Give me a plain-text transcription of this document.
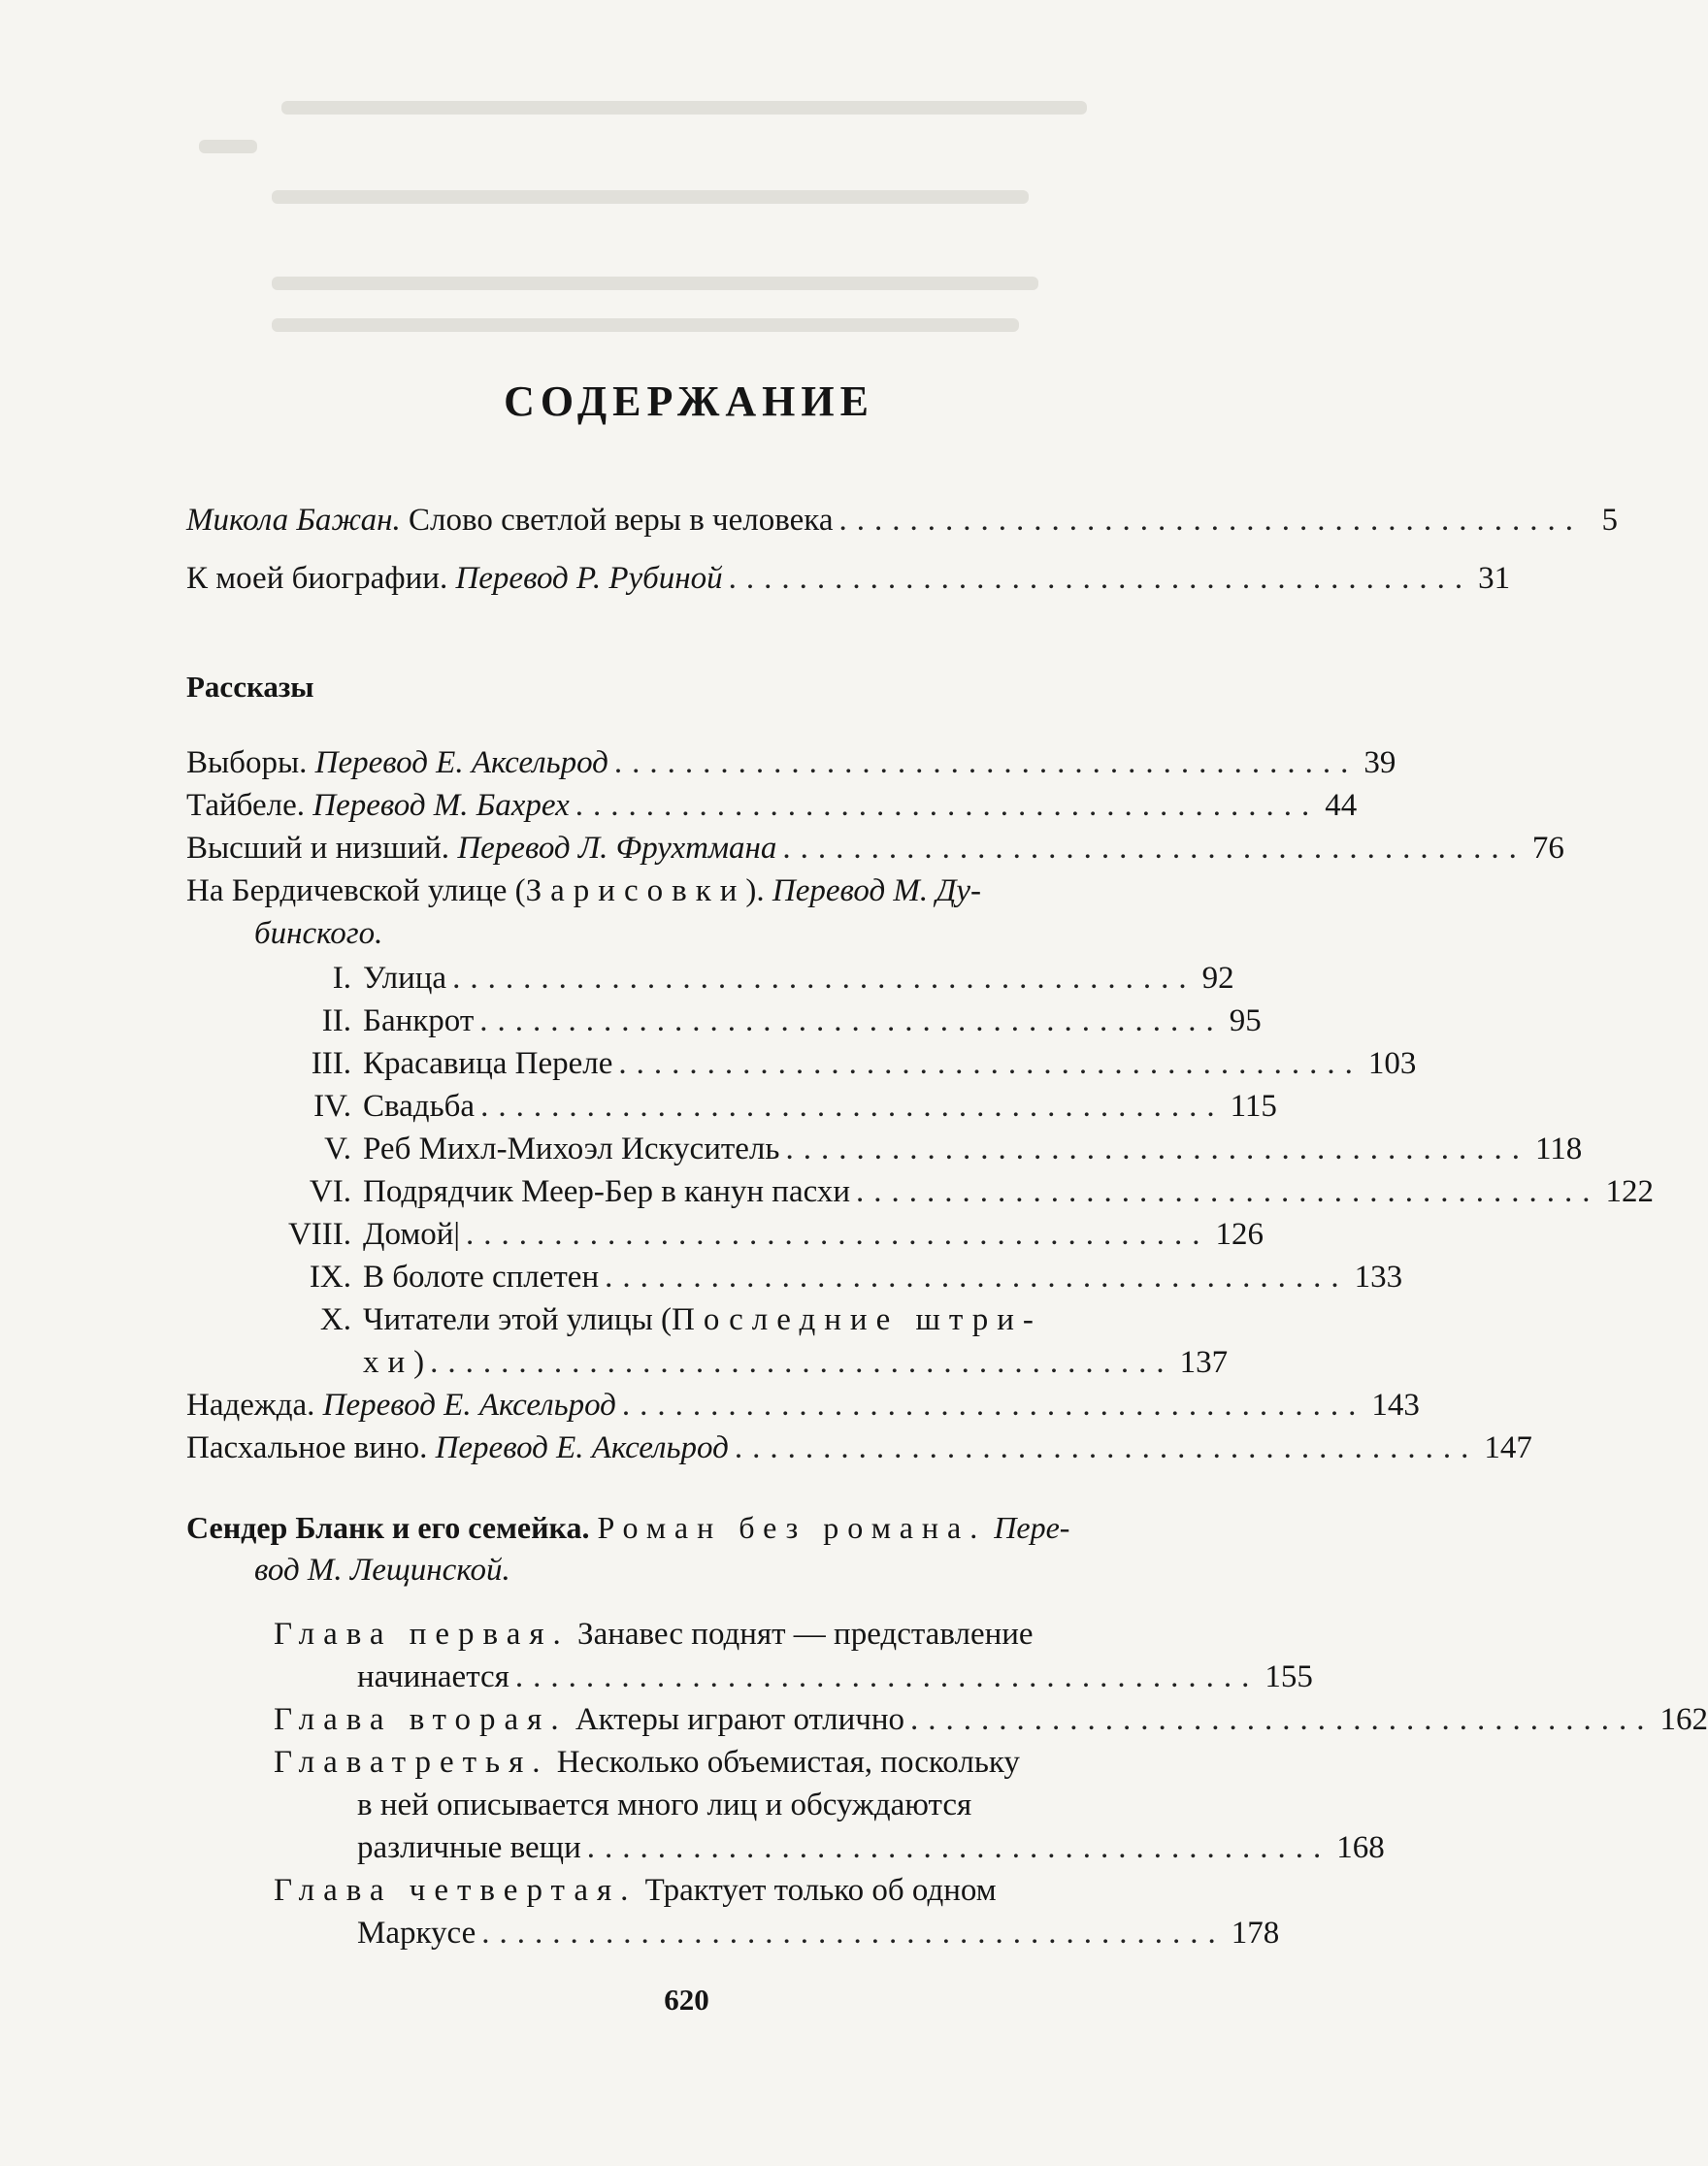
СОДЕРЖАНИЕ
Микола Бажан. Слово светлой веры в человека .......................................... 5
К моей биографии. Перевод Р. Рубиной .......................................... 31
Рассказы
Выборы. Перевод Е. Аксельрод .......................................... 39
Тайбеле. Перевод М. Бахрех .......................................... 44
Высший и низший. Перевод Л. Фрухтмана .......................................... 76
На Бердичевской улице (Зарисовки). Перевод М. Ду-
бинского.
I. Улица .......................................... 92
II. Банкрот .......................................... 95
III. Красавица Переле .......................................... 103
IV. Свадьба .......................................... 115
V. Реб Михл-Михоэл Искуситель .......................................... 118
VI. Подрядчик Меер-Бер в канун пасхи .......................................... 122
VIII. Домой| .......................................... 126
IX. В болоте сплетен .......................................... 133
X. Читатели этой улицы (Последние штри-
хи) .......................................... 137
Надежда. Перевод Е. Аксельрод .......................................... 143
Пасхальное вино. Перевод Е. Аксельрод .......................................... 147
Сендер Бланк и его семейка. Роман без романа. Пере-
вод М. Лещинской.
Глава первая. Занавес поднят — представление
начинается .......................................... 155
Глава вторая. Актеры играют отлично .......................................... 162
Главатретья. Несколько объемистая, поскольку
в ней описывается много лиц и обсуждаются
различные вещи .......................................... 168
Глава четвертая. Трактует только об одном
Маркусе .......................................... 178
620
